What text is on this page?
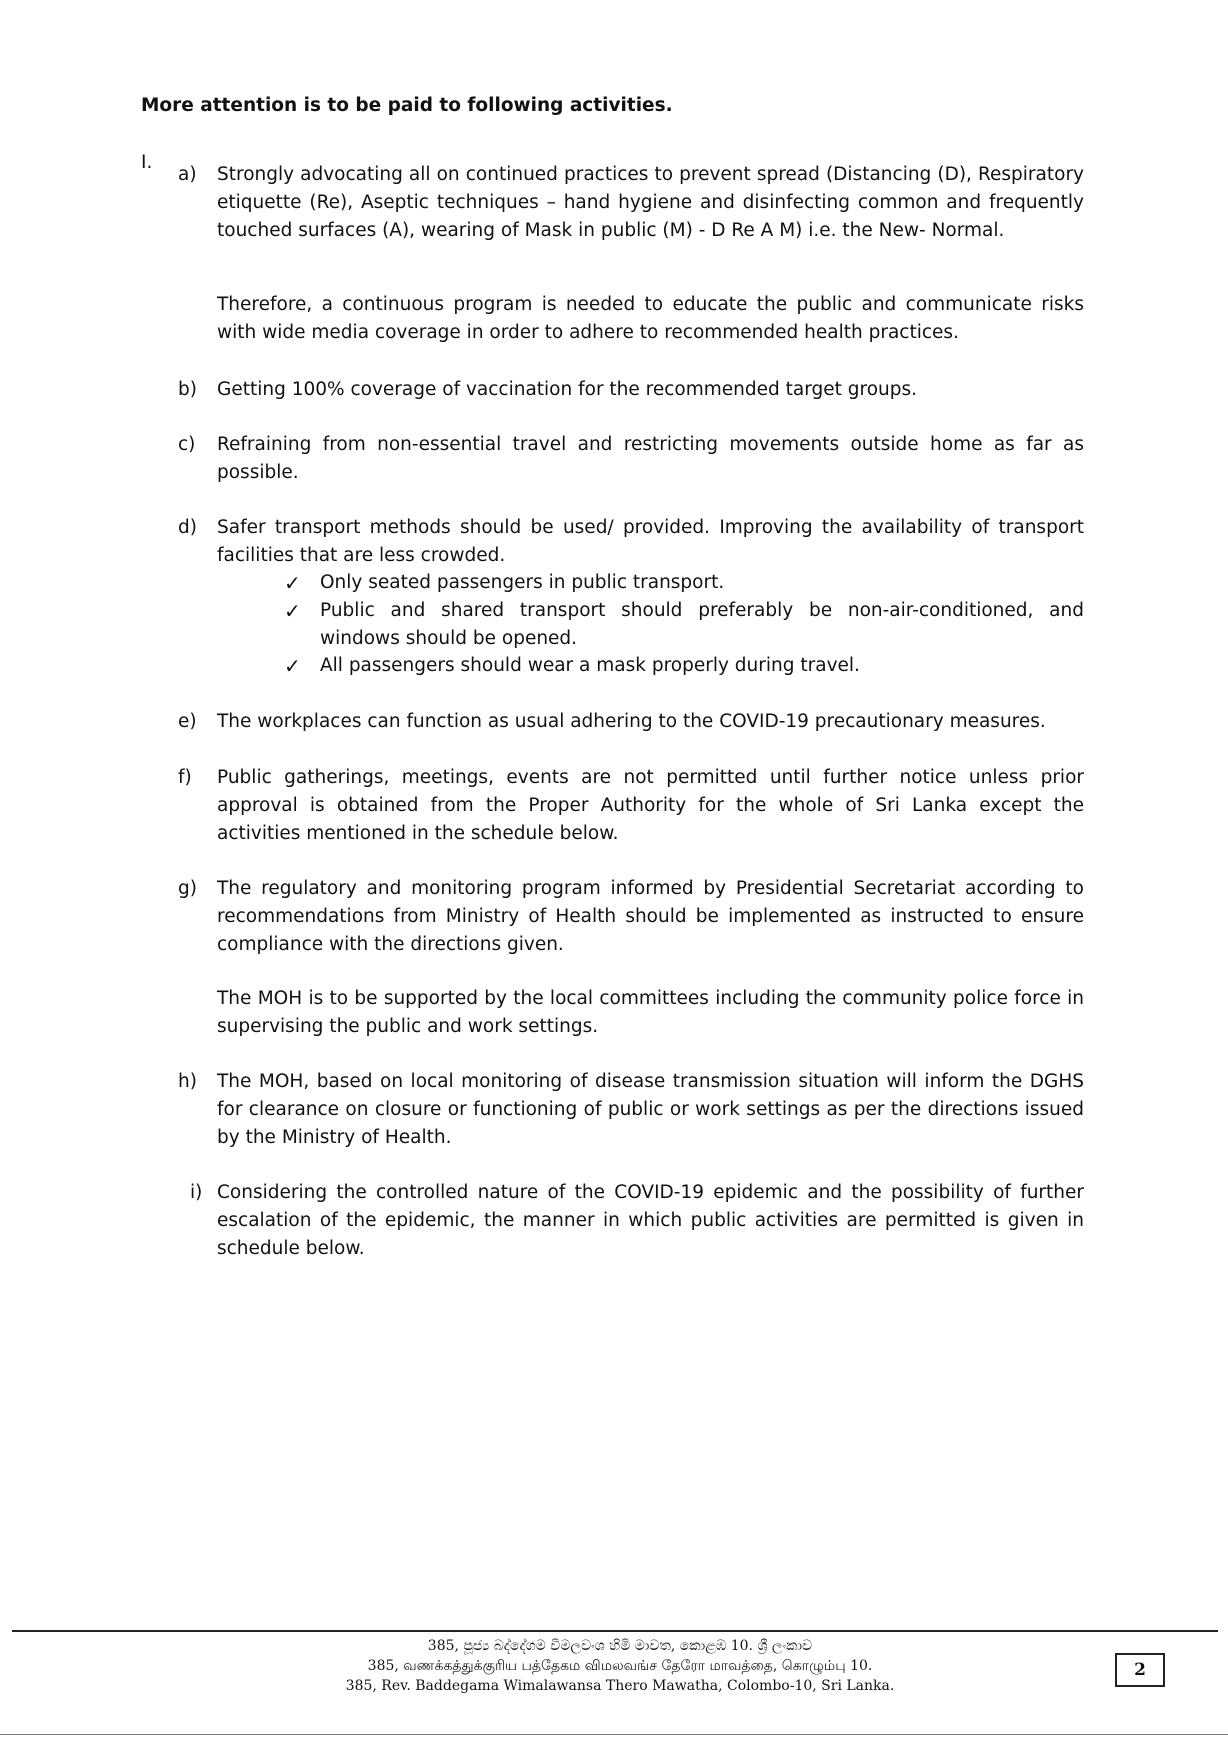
More attention is to be paid to following activities.
I.
a)	Strongly advocating all on continued practices to prevent spread (Distancing (D), Respiratory etiquette (Re), Aseptic techniques – hand hygiene and disinfecting common and frequently touched surfaces (A), wearing of Mask in public (M) - D Re A M) i.e. the New- Normal.
Therefore, a continuous program is needed to educate the public and communicate risks with wide media coverage in order to adhere to recommended health practices.
b)	Getting 100% coverage of vaccination for the recommended target groups.
c)	Refraining from non-essential travel and restricting movements outside home as far as possible.
d)	Safer transport methods should be used/ provided. Improving the availability of transport facilities that are less crowded.
✓ Only seated passengers in public transport.
✓ Public and shared transport should preferably be non-air-conditioned, and windows should be opened.
✓ All passengers should wear a mask properly during travel.
e)	The workplaces can function as usual adhering to the COVID-19 precautionary measures.
f)	Public gatherings, meetings, events are not permitted until further notice unless prior approval is obtained from the Proper Authority for the whole of Sri Lanka except the activities mentioned in the schedule below.
g)	The regulatory and monitoring program informed by Presidential Secretariat according to recommendations from Ministry of Health should be implemented as instructed to ensure compliance with the directions given.
The MOH is to be supported by the local committees including the community police force in supervising the public and work settings.
h)	The MOH, based on local monitoring of disease transmission situation will inform the DGHS for clearance on closure or functioning of public or work settings as per the directions issued by the Ministry of Health.
i) Considering the controlled nature of the COVID-19 epidemic and the possibility of further escalation of the epidemic, the manner in which public activities are permitted is given in schedule below.
385, පූජ්‍ය බද්දේගම විමලවංශ හිමි මාවත, කොළඹ 10. ශ්‍රී ලංකාව
385, வணக்கத்துக்குரிய பத்தேகம விமலவங்ச தேரோ மாவத்தை, கொழும்பு 10.
385, Rev. Baddegama Wimalawansa Thero Mawatha, Colombo-10, Sri Lanka.
2
